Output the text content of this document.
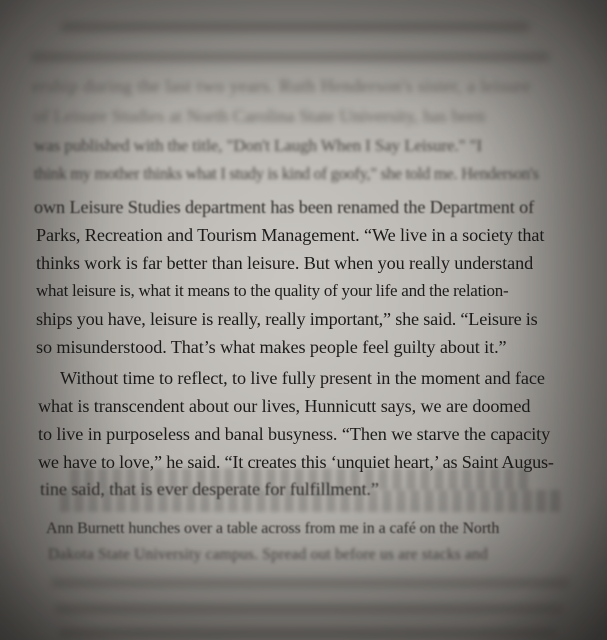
ership during the last two years. Ruth Henderson's sister, a leisure
of Leisure Studies at North Carolina State University, has been
was published with the title, "Don't Laugh When I Say Leisure." "I
think my mother thinks what I study is kind of goofy," she told me. Henderson's
own Leisure Studies department has been renamed the Department of
Parks, Recreation and Tourism Management. “We live in a society that
thinks work is far better than leisure. But when you really understand
what leisure is, what it means to the quality of your life and the relation-
ships you have, leisure is really, really important,” she said. “Leisure is
so misunderstood. That’s what makes people feel guilty about it.”
Without time to reflect, to live fully present in the moment and face
what is transcendent about our lives, Hunnicutt says, we are doomed
to live in purposeless and banal busyness. “Then we starve the capacity
we have to love,” he said. “It creates this ‘unquiet heart,’ as Saint Augus-
tine said, that is ever desperate for fulfillment.”
Ann Burnett hunches over a table across from me in a café on the North
Dakota State University campus. Spread out before us are stacks and
